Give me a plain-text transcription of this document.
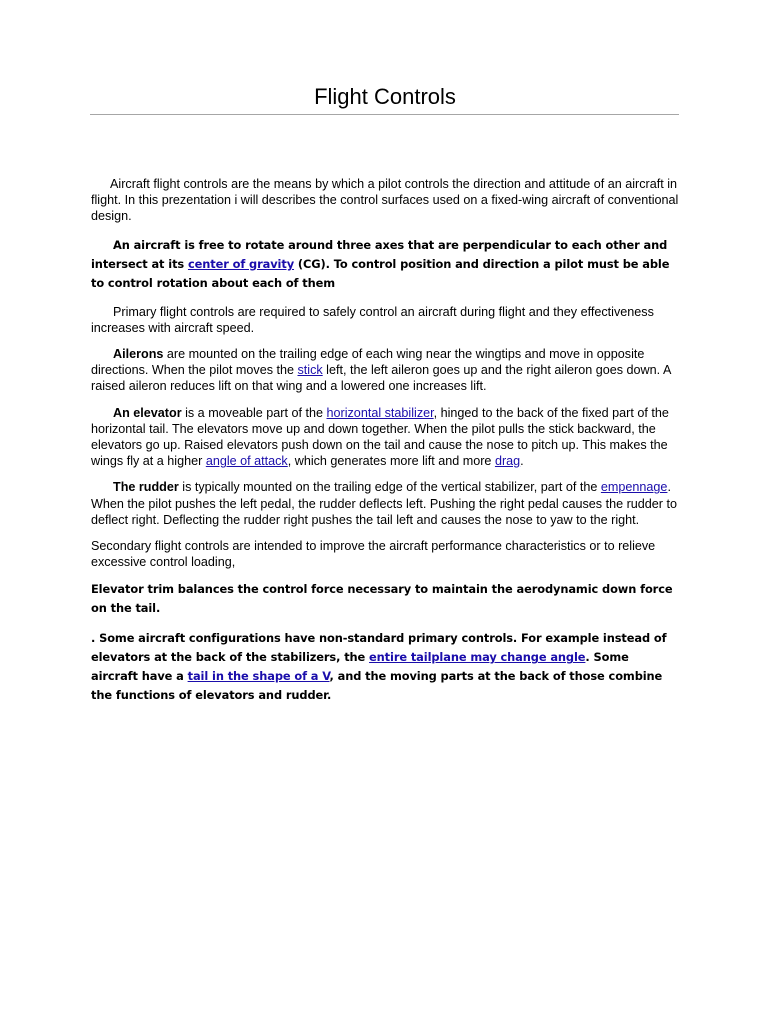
Flight Controls

Aircraft flight controls are the means by which a pilot controls the direction and attitude of an aircraft in flight. In this prezentation i will describes the control surfaces used on a fixed-wing aircraft of conventional design.

An aircraft is free to rotate around three axes that are perpendicular to each other and intersect at its center of gravity (CG). To control position and direction a pilot must be able to control rotation about each of them

Primary flight controls are required to safely control an aircraft during flight and they effectiveness increases with aircraft speed.

Ailerons are mounted on the trailing edge of each wing near the wingtips and move in opposite directions. When the pilot moves the stick left, the left aileron goes up and the right aileron goes down. A raised aileron reduces lift on that wing and a lowered one increases lift.

An elevator is a moveable part of the horizontal stabilizer, hinged to the back of the fixed part of the horizontal tail. The elevators move up and down together. When the pilot pulls the stick backward, the elevators go up. Raised elevators push down on the tail and cause the nose to pitch up. This makes the wings fly at a higher angle of attack, which generates more lift and more drag.

The rudder is typically mounted on the trailing edge of the vertical stabilizer, part of the empennage. When the pilot pushes the left pedal, the rudder deflects left. Pushing the right pedal causes the rudder to deflect right. Deflecting the rudder right pushes the tail left and causes the nose to yaw to the right.

Secondary flight controls are intended to improve the aircraft performance characteristics or to relieve excessive control loading,

Elevator trim balances the control force necessary to maintain the aerodynamic down force on the tail.

. Some aircraft configurations have non-standard primary controls. For example instead of elevators at the back of the stabilizers, the entire tailplane may change angle. Some aircraft have a tail in the shape of a V, and the moving parts at the back of those combine the functions of elevators and rudder.
